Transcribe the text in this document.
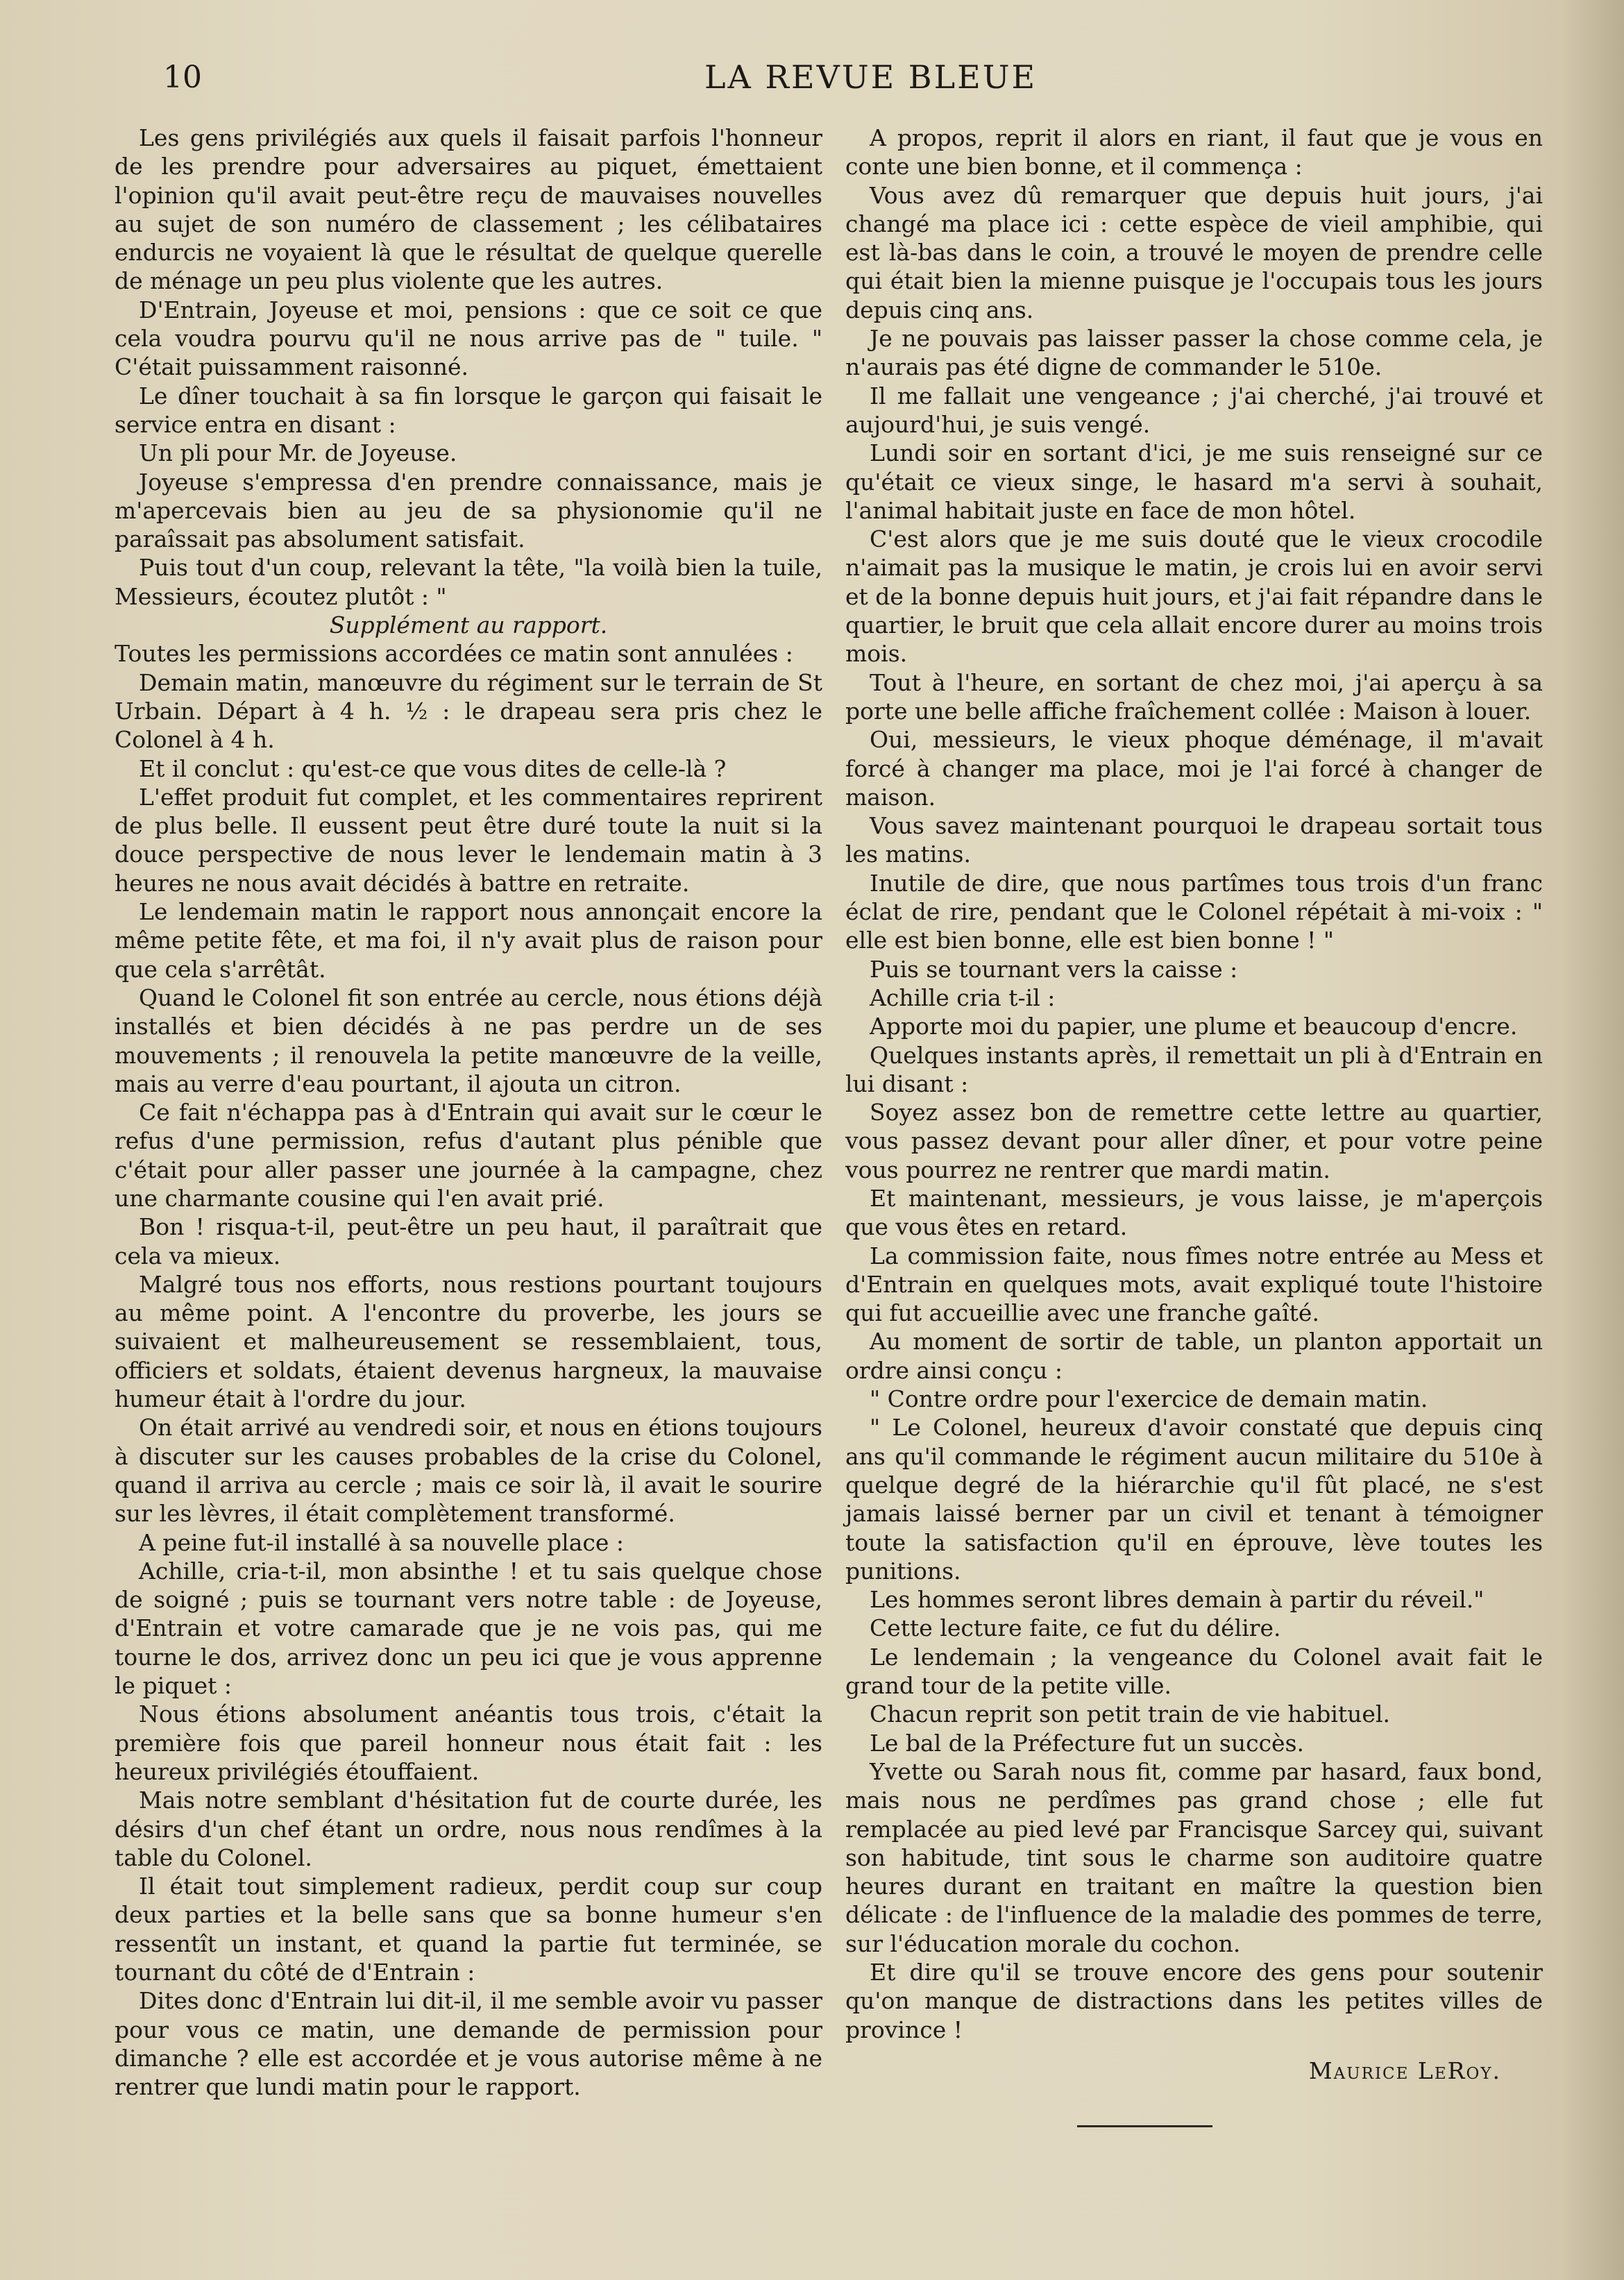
10	LA REVUE BLEUE

Les gens privilégiés aux quels il faisait parfois l'honneur de les prendre pour adversaires au piquet, émettaient l'opinion qu'il avait peut-être reçu de mauvaises nouvelles au sujet de son numéro de classement ; les célibataires endurcis ne voyaient là que le résultat de quelque querelle de ménage un peu plus violente que les autres.

D'Entrain, Joyeuse et moi, pensions : que ce soit ce que cela voudra pourvu qu'il ne nous arrive pas de " tuile. " C'était puissamment raisonné.

Le dîner touchait à sa fin lorsque le garçon qui faisait le service entra en disant :

Un pli pour Mr. de Joyeuse.

Joyeuse s'empressa d'en prendre connaissance, mais je m'apercevais bien au jeu de sa physionomie qu'il ne paraîssait pas absolument satisfait.

Puis tout d'un coup, relevant la tête, "la voilà bien la tuile, Messieurs, écoutez plutôt : "

Supplément au rapport.

Toutes les permissions accordées ce matin sont annulées :

Demain matin, manœuvre du régiment sur le terrain de St Urbain. Départ à 4 h. ½ : le drapeau sera pris chez le Colonel à 4 h.

Et il conclut : qu'est-ce que vous dites de celle-là ?

L'effet produit fut complet, et les commentaires reprirent de plus belle. Il eussent peut être duré toute la nuit si la douce perspective de nous lever le lendemain matin à 3 heures ne nous avait décidés à battre en retraite.

Le lendemain matin le rapport nous annonçait encore la même petite fête, et ma foi, il n'y avait plus de raison pour que cela s'arrêtât.

Quand le Colonel fit son entrée au cercle, nous étions déjà installés et bien décidés à ne pas perdre un de ses mouvements ; il renouvela la petite manœuvre de la veille, mais au verre d'eau pourtant, il ajouta un citron.

Ce fait n'échappa pas à d'Entrain qui avait sur le cœur le refus d'une permission, refus d'autant plus pénible que c'était pour aller passer une journée à la campagne, chez une charmante cousine qui l'en avait prié.

Bon ! risqua-t-il, peut-être un peu haut, il paraîtrait que cela va mieux.

Malgré tous nos efforts, nous restions pourtant toujours au même point. A l'encontre du proverbe, les jours se suivaient et malheureusement se ressemblaient, tous, officiers et soldats, étaient devenus hargneux, la mauvaise humeur était à l'ordre du jour.

On était arrivé au vendredi soir, et nous en étions toujours à discuter sur les causes probables de la crise du Colonel, quand il arriva au cercle ; mais ce soir là, il avait le sourire sur les lèvres, il était complètement transformé.

A peine fut-il installé à sa nouvelle place :

Achille, cria-t-il, mon absinthe ! et tu sais quelque chose de soigné ; puis se tournant vers notre table : de Joyeuse, d'Entrain et votre camarade que je ne vois pas, qui me tourne le dos, arrivez donc un peu ici que je vous apprenne le piquet :

Nous étions absolument anéantis tous trois, c'était la première fois que pareil honneur nous était fait : les heureux privilégiés étouffaient.

Mais notre semblant d'hésitation fut de courte durée, les désirs d'un chef étant un ordre, nous nous rendîmes à la table du Colonel.

Il était tout simplement radieux, perdit coup sur coup deux parties et la belle sans que sa bonne humeur s'en ressentît un instant, et quand la partie fut terminée, se tournant du côté de d'Entrain :

Dites donc d'Entrain lui dit-il, il me semble avoir vu passer pour vous ce matin, une demande de permission pour dimanche ? elle est accordée et je vous autorise même à ne rentrer que lundi matin pour le rapport.

A propos, reprit il alors en riant, il faut que je vous en conte une bien bonne, et il commença :

Vous avez dû remarquer que depuis huit jours, j'ai changé ma place ici : cette espèce de vieil amphibie, qui est là-bas dans le coin, a trouvé le moyen de prendre celle qui était bien la mienne puisque je l'occupais tous les jours depuis cinq ans.

Je ne pouvais pas laisser passer la chose comme cela, je n'aurais pas été digne de commander le 510e.

Il me fallait une vengeance ; j'ai cherché, j'ai trouvé et aujourd'hui, je suis vengé.

Lundi soir en sortant d'ici, je me suis renseigné sur ce qu'était ce vieux singe, le hasard m'a servi à souhait, l'animal habitait juste en face de mon hôtel.

C'est alors que je me suis douté que le vieux crocodile n'aimait pas la musique le matin, je crois lui en avoir servi et de la bonne depuis huit jours, et j'ai fait répandre dans le quartier, le bruit que cela allait encore durer au moins trois mois.

Tout à l'heure, en sortant de chez moi, j'ai aperçu à sa porte une belle affiche fraîchement collée : Maison à louer.

Oui, messieurs, le vieux phoque déménage, il m'avait forcé à changer ma place, moi je l'ai forcé à changer de maison.

Vous savez maintenant pourquoi le drapeau sortait tous les matins.

Inutile de dire, que nous partîmes tous trois d'un franc éclat de rire, pendant que le Colonel répétait à mi-voix : " elle est bien bonne, elle est bien bonne ! "

Puis se tournant vers la caisse :

Achille cria t-il :

Apporte moi du papier, une plume et beaucoup d'encre.

Quelques instants après, il remettait un pli à d'Entrain en lui disant :

Soyez assez bon de remettre cette lettre au quartier, vous passez devant pour aller dîner, et pour votre peine vous pourrez ne rentrer que mardi matin.

Et maintenant, messieurs, je vous laisse, je m'aperçois que vous êtes en retard.

La commission faite, nous fîmes notre entrée au Mess et d'Entrain en quelques mots, avait expliqué toute l'histoire qui fut accueillie avec une franche gaîté.

Au moment de sortir de table, un planton apportait un ordre ainsi conçu :

" Contre ordre pour l'exercice de demain matin.

" Le Colonel, heureux d'avoir constaté que depuis cinq ans qu'il commande le régiment aucun militaire du 510e à quelque degré de la hiérarchie qu'il fût placé, ne s'est jamais laissé berner par un civil et tenant à témoigner toute la satisfaction qu'il en éprouve, lève toutes les punitions.

Les hommes seront libres demain à partir du réveil."

Cette lecture faite, ce fut du délire.

Le lendemain ; la vengeance du Colonel avait fait le grand tour de la petite ville.

Chacun reprit son petit train de vie habituel.

Le bal de la Préfecture fut un succès.

Yvette ou Sarah nous fit, comme par hasard, faux bond, mais nous ne perdîmes pas grand chose ; elle fut remplacée au pied levé par Francisque Sarcey qui, suivant son habitude, tint sous le charme son auditoire quatre heures durant en traitant en maître la question bien délicate : de l'influence de la maladie des pommes de terre, sur l'éducation morale du cochon.

Et dire qu'il se trouve encore des gens pour soutenir qu'on manque de distractions dans les petites villes de province !

Maurice LeRoy.
